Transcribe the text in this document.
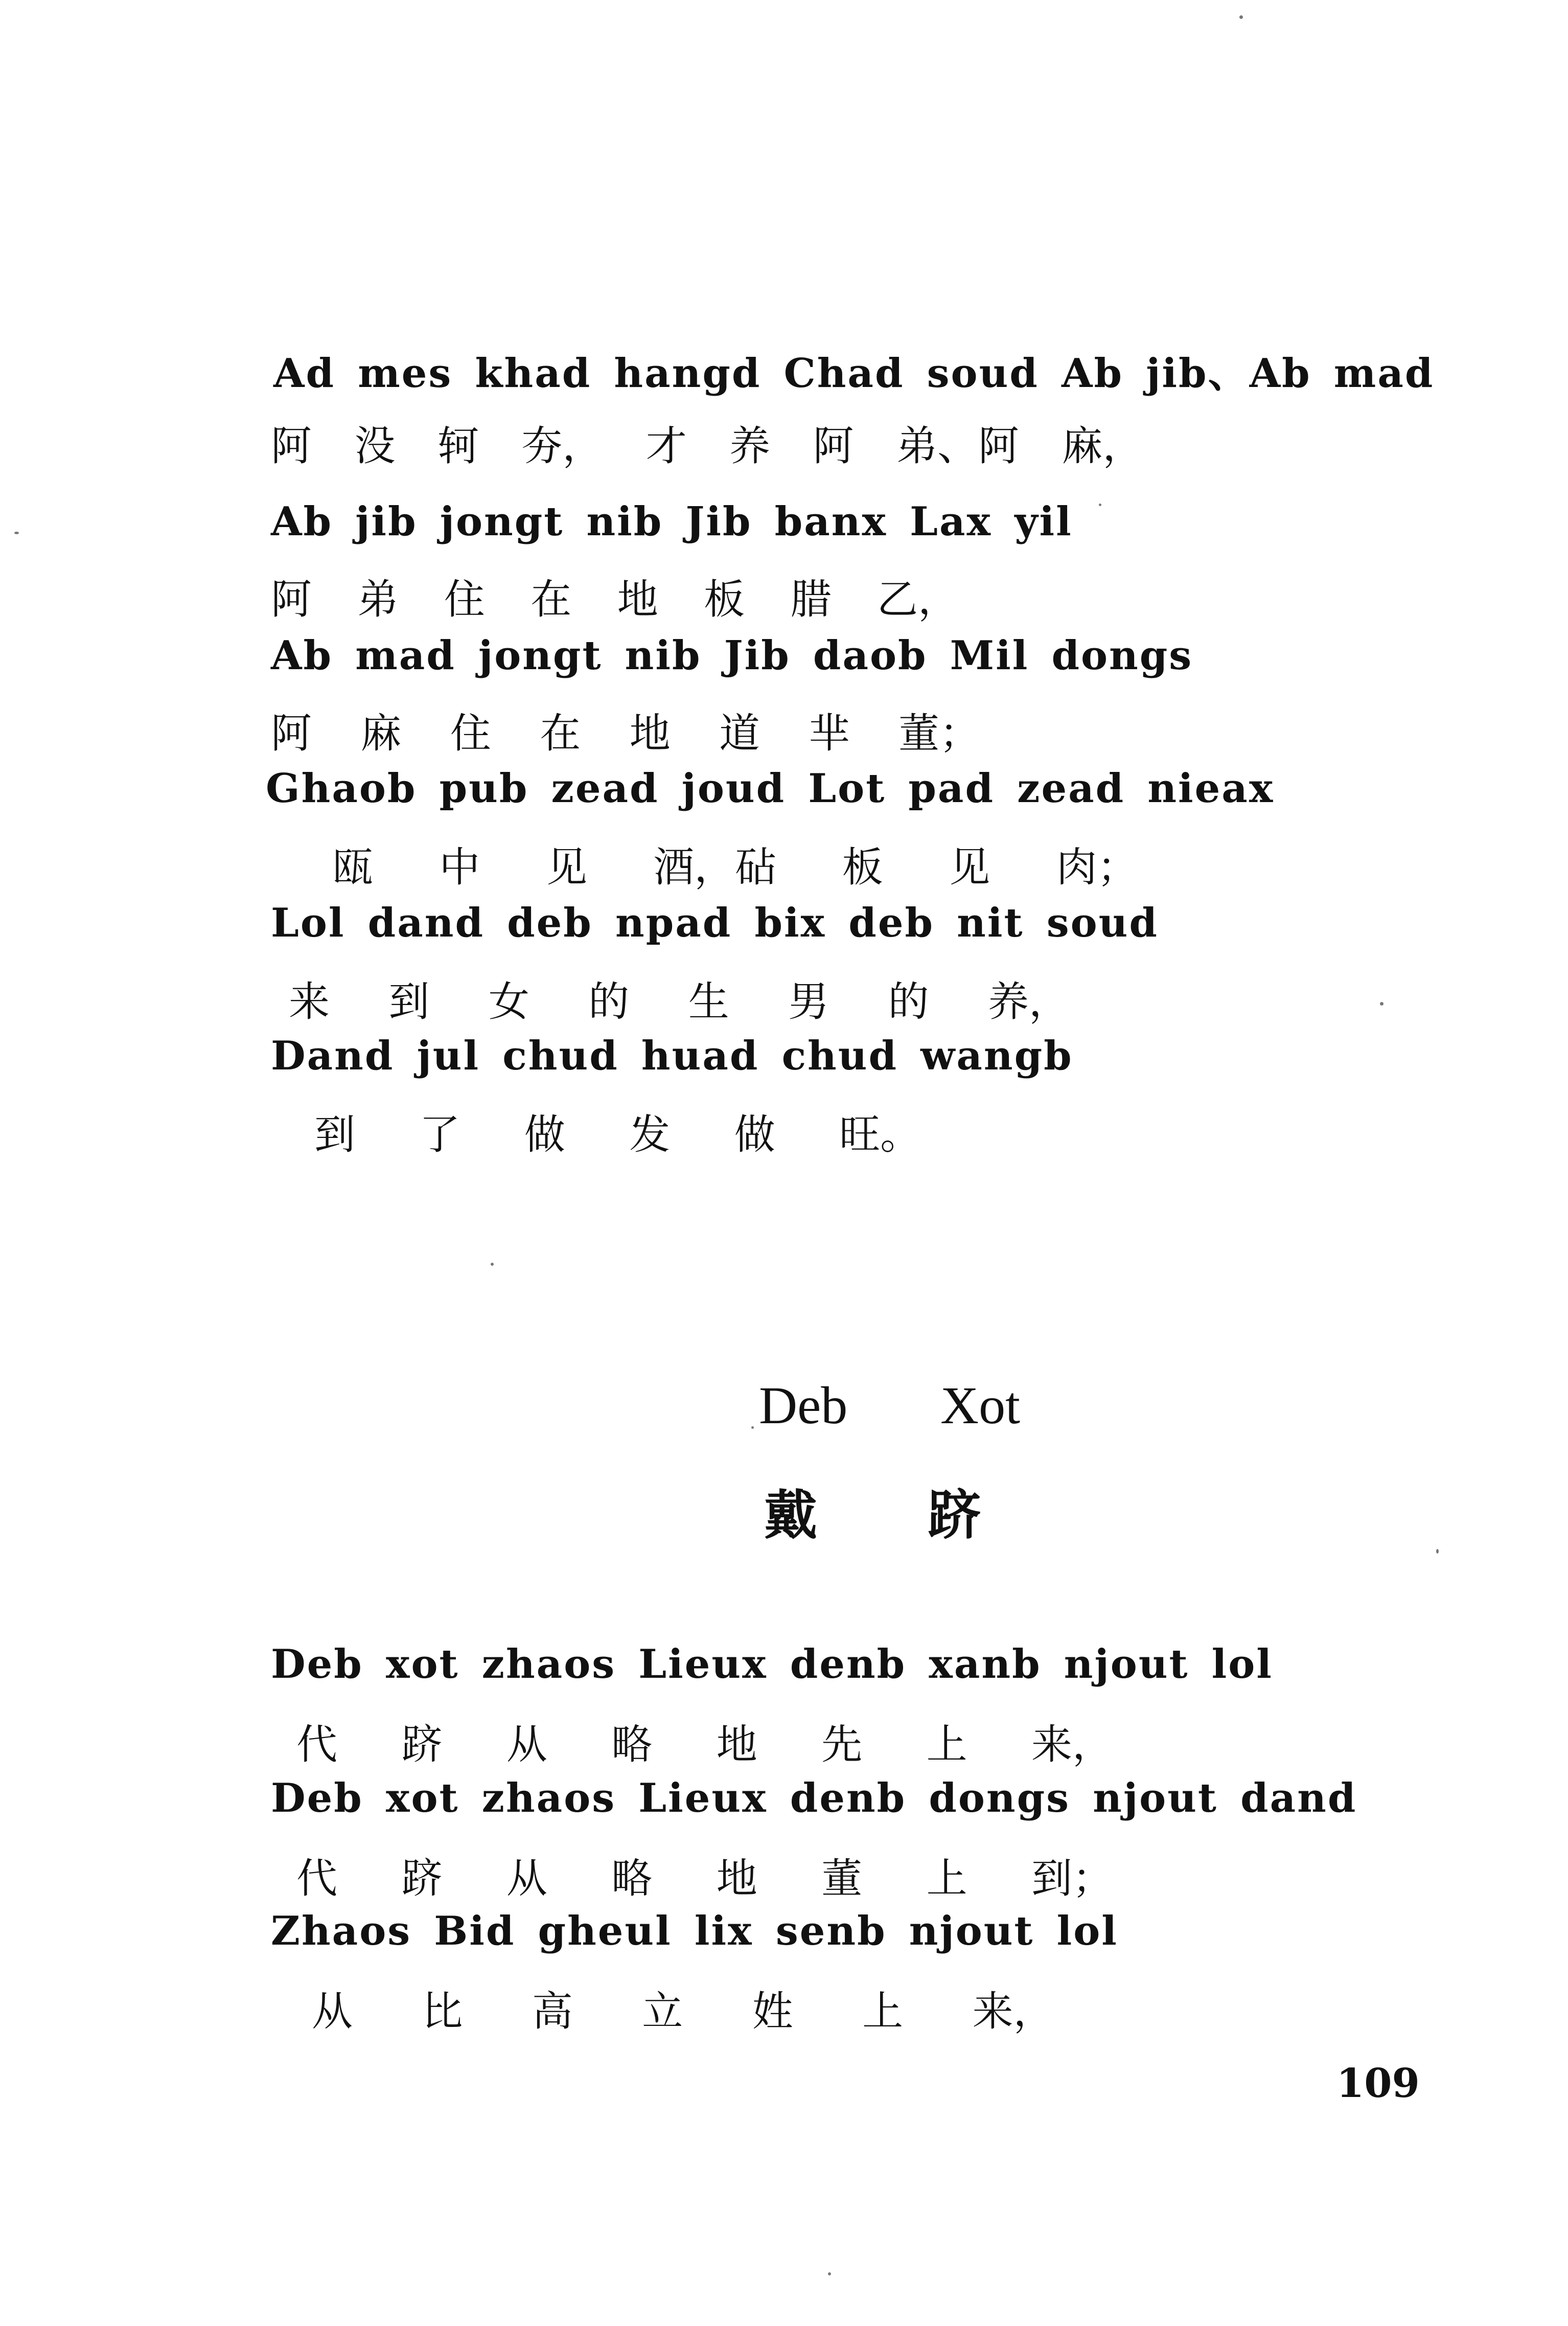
Ad mes khad hangd Chad soud Ab jib、Ab mad
阿 没 轲 夯， 才 养 阿 弟、阿 麻，
Ab jib jongt nib Jib banx Lax yil
阿 弟 住 在 地 板 腊 乙，
Ab mad jongt nib Jib daob Mil dongs
阿 麻 住 在 地 道 芈 董；
Ghaob pub zead joud Lot pad zead nieax
瓯 中 见 酒，砧 板 见 肉；
Lol dand deb npad bix deb nit soud
来 到 女 的 生 男 的 养，
Dand jul chud huad chud wangb
到 了 做 发 做 旺。
Deb Xot
戴 跻
Deb xot zhaos Lieux denb xanb njout lol
代 跻 从 略 地 先 上 来，
Deb xot zhaos Lieux denb dongs njout dand
代 跻 从 略 地 董 上 到；
Zhaos Bid gheul lix senb njout lol
从 比 高 立 姓 上 来，
109
